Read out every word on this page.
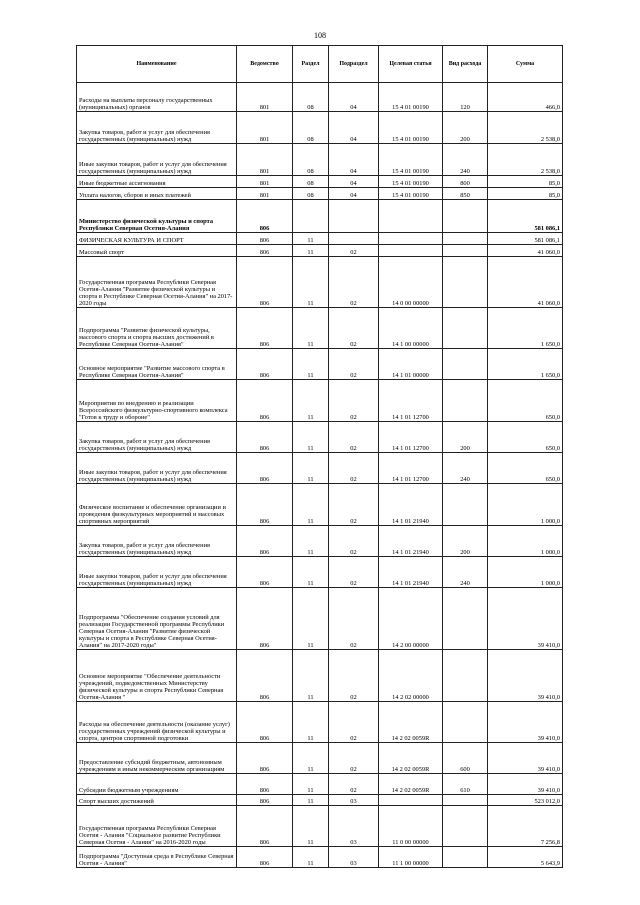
108
Наименование	Ведомство	Раздел	Подраздел	Целевая статья	Вид расхода	Сумма
Расходы на выплаты персоналу государственных (муниципальных) органов	801	08	04	15 4 01 00190	120	466,0
Закупка товаров, работ и услуг для обеспечения государственных (муниципальных) нужд	801	08	04	15 4 01 00190	200	2 538,0
Иные закупки товаров, работ и услуг для обеспечения государственных (муниципальных) нужд	801	08	04	15 4 01 00190	240	2 538,0
Иные бюджетные ассигнования	801	08	04	15 4 01 00190	800	85,0
Уплата налогов, сборов и иных платежей	801	08	04	15 4 01 00190	850	85,0
Министерство физической культуры и спорта Республики Северная Осетия-Алания	806					581 086,1
ФИЗИЧЕСКАЯ КУЛЬТУРА И СПОРТ	806	11				581 086,1
Массовый спорт	806	11	02			41 060,0
Государственная программа Республики Северная Осетия-Алания "Развитие физической культуры и спорта в Республике Северная Осетия-Алания" на 2017-2020 годы	806	11	02	14 0 00 00000		41 060,0
Подпрограмма "Развитие физической культуры, массового спорта и спорта высших достижений в Республике Северная Осетия-Алания"	806	11	02	14 1 00 00000		1 650,0
Основное мероприятие "Развитие массового спорта в Республике Северная Осетия-Алания"	806	11	02	14 1 01 00000		1 650,0
Мероприятия по внедрению и реализации Всероссийского физкультурно-спортивного комплекса "Готов к труду и обороне"	806	11	02	14 1 01 12700		650,0
Закупка товаров, работ и услуг для обеспечения государственных (муниципальных) нужд	806	11	02	14 1 01 12700	200	650,0
Иные закупки товаров, работ и услуг для обеспечения государственных (муниципальных) нужд	806	11	02	14 1 01 12700	240	650,0
Физическое воспитание и обеспечение организации и проведения физкультурных мероприятий и массовых спортивных мероприятий	806	11	02	14 1 01 21940		1 000,0
Закупка товаров, работ и услуг для обеспечения государственных (муниципальных) нужд	806	11	02	14 1 01 21940	200	1 000,0
Иные закупки товаров, работ и услуг для обеспечения государственных (муниципальных) нужд	806	11	02	14 1 01 21940	240	1 000,0
Подпрограмма "Обеспечение создания условий для реализации Государственной программы Республики Северная Осетия-Алания "Развитие физической культуры и спорта в Республике Северная Осетия-Алания" на 2017-2020 годы"	806	11	02	14 2 00 00000		39 410,0
Основное мероприятие "Обеспечение деятельности учреждений, подведомственных Министерству физической культуры и спорта Республики Северная Осетия-Алания "	806	11	02	14 2 02 00000		39 410,0
Расходы на обеспечение деятельности (оказание услуг) государственных учреждений физической культуры и спорта, центров спортивной подготовки	806	11	02	14 2 02 0059R		39 410,0
Предоставление субсидий бюджетным, автономным учреждениям и иным некоммерческим организациям	806	11	02	14 2 02 0059R	600	39 410,0
Субсидии бюджетным учреждениям	806	11	02	14 2 02 0059R	610	39 410,0
Спорт высших достижений	806	11	03			523 012,0
Государственная программа Республики Северная Осетия - Алания "Социальное развитие Республики Северная Осетия - Алания" на 2016-2020 годы	806	11	03	11 0 00 00000		7 256,8
Подпрограмма "Доступная среда в Республике Северная Осетия - Алания"	806	11	03	11 1 00 00000		5 643,9
